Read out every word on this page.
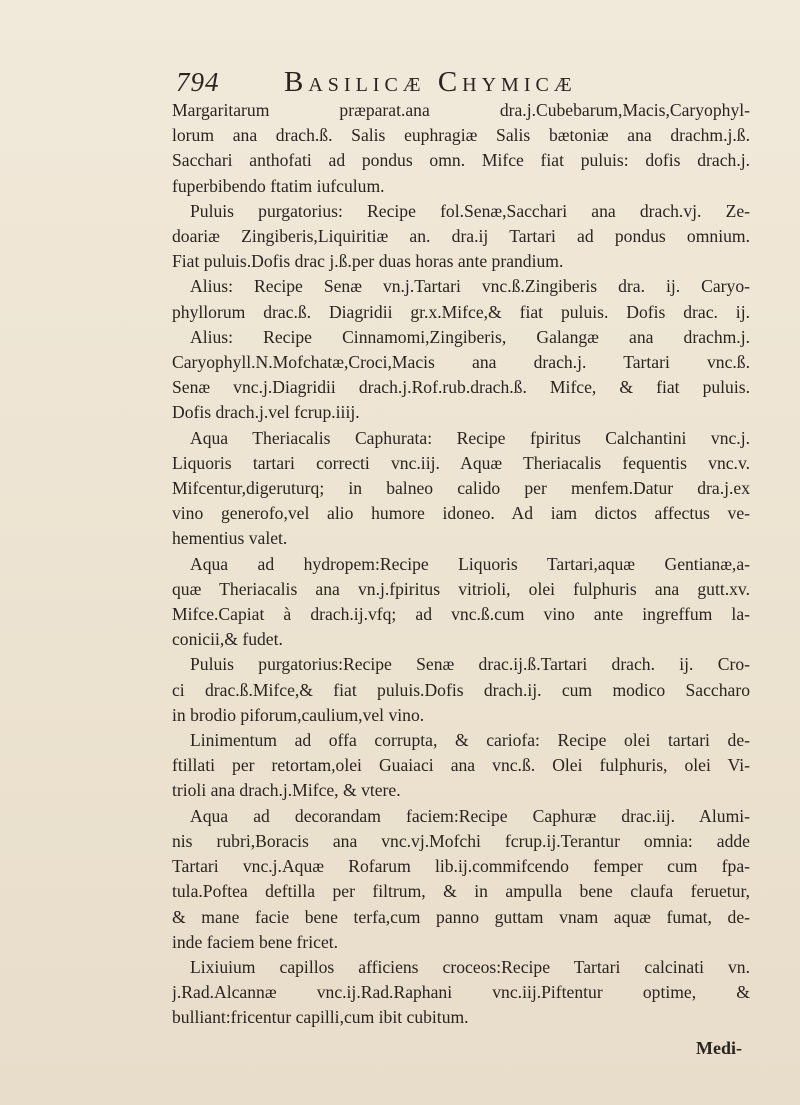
794	Basilicæ Chymicæ
Margaritarum præparat.ana dra.j.Cubebarum,Macis,Caryophyl-
lorum ana drach.ß. Salis euphragiæ Salis bætoniæ ana drachm.j.ß.
Sacchari anthofati ad pondus omn. Mifce fiat puluis: dofis drach.j.
fuperbibendo ftatim iufculum.
Puluis purgatorius: Recipe fol.Senæ,Sacchari ana drach.vj. Ze-
doariæ Zingiberis,Liquiritiæ an. dra.ij Tartari ad pondus omnium.
Fiat puluis.Dofis drac j.ß.per duas horas ante prandium.
Alius: Recipe Senæ vn.j.Tartari vnc.ß.Zingiberis dra. ij. Caryo-
phyllorum drac.ß. Diagridii gr.x.Mifce,& fiat puluis. Dofis drac. ij.
Alius: Recipe Cinnamomi,Zingiberis, Galangæ ana drachm.j.
Caryophyll.N.Mofchatæ,Croci,Macis ana drach.j. Tartari vnc.ß.
Senæ vnc.j.Diagridii drach.j.Rof.rub.drach.ß. Mifce, & fiat puluis.
Dofis drach.j.vel fcrup.iiij.
Aqua Theriacalis Caphurata: Recipe fpiritus Calchantini vnc.j.
Liquoris tartari correcti vnc.iij. Aquæ Theriacalis fequentis vnc.v.
Mifcentur,digeruturq; in balneo calido per menfem.Datur dra.j.ex
vino generofo,vel alio humore idoneo. Ad iam dictos affectus ve-
hementius valet.
Aqua ad hydropem:Recipe Liquoris Tartari,aquæ Gentianæ,a-
quæ Theriacalis ana vn.j.fpiritus vitrioli, olei fulphuris ana gutt.xv.
Mifce.Capiat à drach.ij.vfq; ad vnc.ß.cum vino ante ingreffum la-
conicii,& fudet.
Puluis purgatorius:Recipe Senæ drac.ij.ß.Tartari drach. ij. Cro-
ci drac.ß.Mifce,& fiat puluis.Dofis drach.ij. cum modico Saccharo
in brodio piforum,caulium,vel vino.
Linimentum ad offa corrupta, & cariofa: Recipe olei tartari de-
ftillati per retortam,olei Guaiaci ana vnc.ß. Olei fulphuris, olei Vi-
trioli ana drach.j.Mifce, & vtere.
Aqua ad decorandam faciem:Recipe Caphuræ drac.iij. Alumi-
nis rubri,Boracis ana vnc.vj.Mofchi fcrup.ij.Terantur omnia: adde
Tartari vnc.j.Aquæ Rofarum lib.ij.commifcendo femper cum fpa-
tula.Poftea deftilla per filtrum, & in ampulla bene claufa feruetur,
& mane facie bene terfa,cum panno guttam vnam aquæ fumat, de-
inde faciem bene fricet.
Lixiuium capillos afficiens croceos:Recipe Tartari calcinati vn.
j.Rad.Alcannæ vnc.ij.Rad.Raphani vnc.iij.Piftentur optime, &
bulliant:fricentur capilli,cum ibit cubitum.
Medi-
